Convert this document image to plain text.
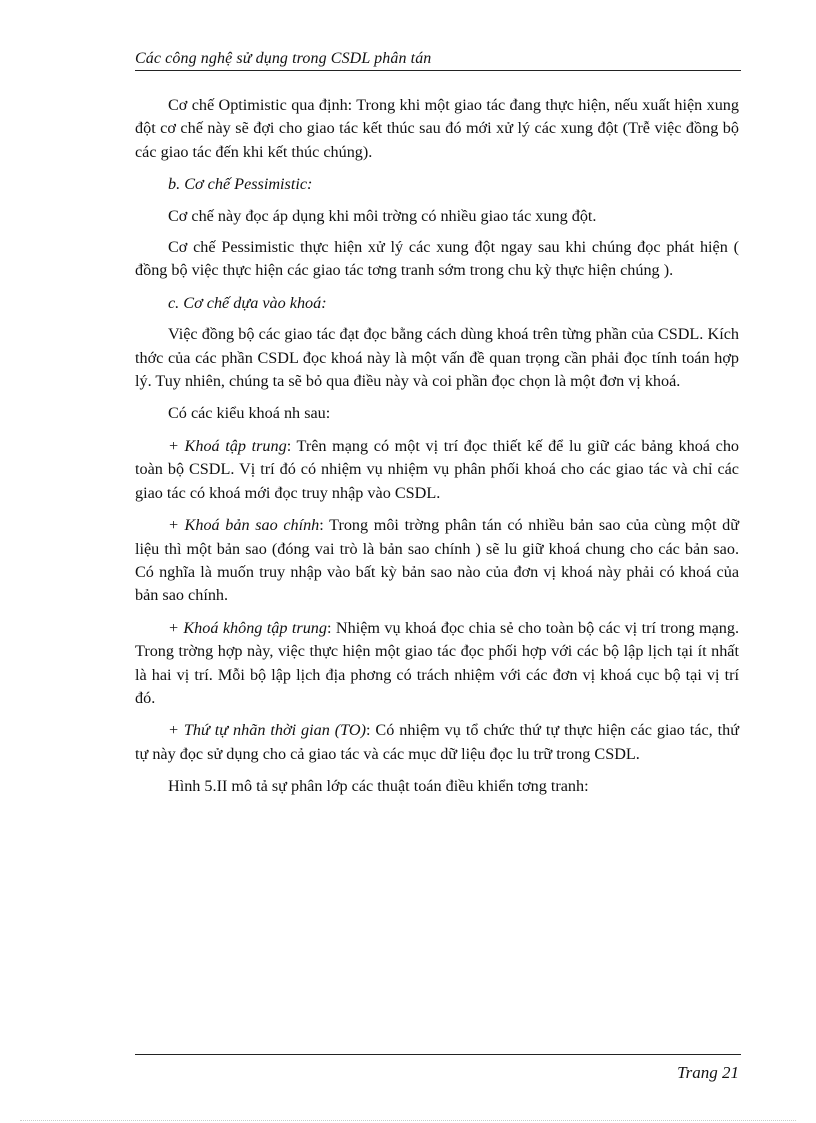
Các công nghệ sử dụng trong CSDL phân tán

Cơ chế Optimistic qua định: Trong khi một giao tác đang thực hiện, nếu xuất hiện xung đột cơ chế này sẽ đợi cho giao tác kết thúc sau đó mới xử lý các xung đột (Trễ việc đồng bộ các giao tác đến khi kết thúc chúng).

b. Cơ chế Pessimistic:

Cơ chế này đọc áp dụng khi môi trờng có nhiều giao tác xung đột.

Cơ chế Pessimistic thực hiện xử lý các xung đột ngay sau khi chúng đọc phát hiện ( đồng bộ việc thực hiện các giao tác tơng tranh sớm trong chu kỳ thực hiện chúng ).

c. Cơ chế dựa vào khoá:

Việc đồng bộ các giao tác đạt đọc bằng cách dùng khoá trên từng phần của CSDL. Kích thớc của các phần CSDL đọc khoá này là một vấn đề quan trọng cần phải đọc tính toán hợp lý. Tuy nhiên, chúng ta sẽ bỏ qua điều này và coi phần đọc chọn là một đơn vị khoá.

Có các kiểu khoá nh sau:

+ Khoá tập trung: Trên mạng có một vị trí đọc thiết kế để lu giữ các bảng khoá cho toàn bộ CSDL. Vị trí đó có nhiệm vụ nhiệm vụ phân phối khoá cho các giao tác và chỉ các giao tác có khoá mới đọc truy nhập vào CSDL.

+ Khoá bản sao chính: Trong môi trờng phân tán có nhiều bản sao của cùng một dữ liệu thì một bản sao (đóng vai trò là bản sao chính ) sẽ lu giữ khoá chung cho các bản sao. Có nghĩa là muốn truy nhập vào bất kỳ bản sao nào của đơn vị khoá này phải có khoá của bản sao chính.

+ Khoá không tập trung: Nhiệm vụ khoá đọc chia sẻ cho toàn bộ các vị trí trong mạng. Trong trờng hợp này, việc thực hiện một giao tác đọc phối hợp với các bộ lập lịch tại ít nhất là hai vị trí. Mỗi bộ lập lịch địa phơng có trách nhiệm với các đơn vị khoá cục bộ tại vị trí đó.

+ Thứ tự nhãn thời gian (TO): Có nhiệm vụ tổ chức thứ tự thực hiện các giao tác, thứ tự này đọc sử dụng cho cả giao tác và các mục dữ liệu đọc lu trữ trong CSDL.

Hình 5.II mô tả sự phân lớp các thuật toán điều khiển tơng tranh:

Trang 21
